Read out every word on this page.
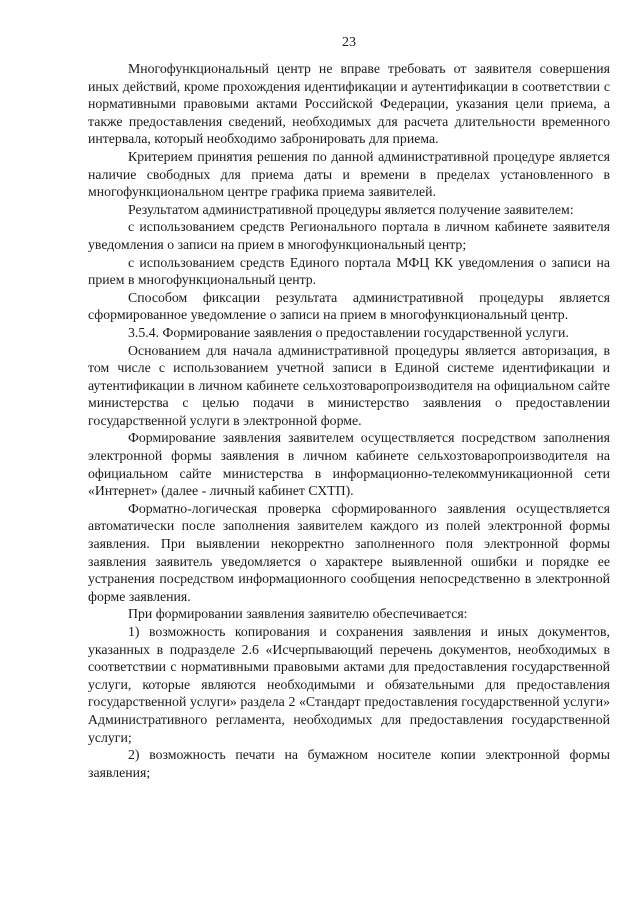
23

Многофункциональный центр не вправе требовать от заявителя совершения иных действий, кроме прохождения идентификации и аутентификации в соответствии с нормативными правовыми актами Российской Федерации, указания цели приема, а также предоставления сведений, необходимых для расчета длительности временного интервала, который необходимо забронировать для приема.

Критерием принятия решения по данной административной процедуре является наличие свободных для приема даты и времени в пределах установленного в многофункциональном центре графика приема заявителей.

Результатом административной процедуры является получение заявителем:

с использованием средств Регионального портала в личном кабинете заявителя уведомления о записи на прием в многофункциональный центр;

с использованием средств Единого портала МФЦ КК уведомления о записи на прием в многофункциональный центр.

Способом фиксации результата административной процедуры является сформированное уведомление о записи на прием в многофункциональный центр.

3.5.4. Формирование заявления о предоставлении государственной услуги.

Основанием для начала административной процедуры является авторизация, в том числе с использованием учетной записи в Единой системе идентификации и аутентификации в личном кабинете сельхозтоваропроизводителя на официальном сайте министерства с целью подачи в министерство заявления о предоставлении государственной услуги в электронной форме.

Формирование заявления заявителем осуществляется посредством заполнения электронной формы заявления в личном кабинете сельхозтоваропроизводителя на официальном сайте министерства в информационно-телекоммуникационной сети «Интернет» (далее - личный кабинет СХТП).

Форматно-логическая проверка сформированного заявления осуществляется автоматически после заполнения заявителем каждого из полей электронной формы заявления. При выявлении некорректно заполненного поля электронной формы заявления заявитель уведомляется о характере выявленной ошибки и порядке ее устранения посредством информационного сообщения непосредственно в электронной форме заявления.

При формировании заявления заявителю обеспечивается:

1) возможность копирования и сохранения заявления и иных документов, указанных в подразделе 2.6 «Исчерпывающий перечень документов, необходимых в соответствии с нормативными правовыми актами для предоставления государственной услуги, которые являются необходимыми и обязательными для предоставления государственной услуги» раздела 2 «Стандарт предоставления государственной услуги» Административного регламента, необходимых для предоставления государственной услуги;

2) возможность печати на бумажном носителе копии электронной формы заявления;
